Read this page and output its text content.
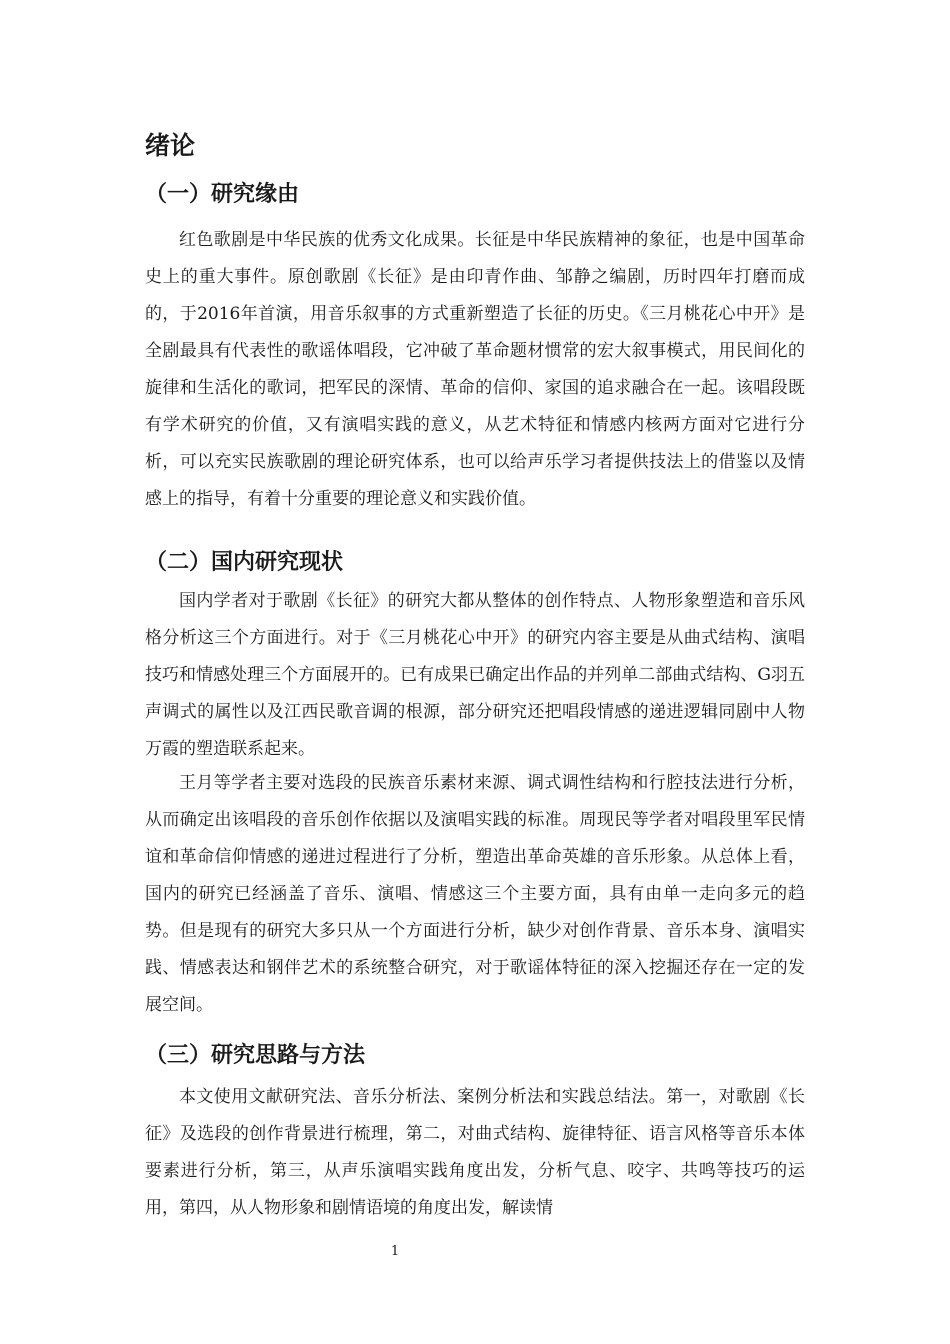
绪论
（一）研究缘由

红色歌剧是中华民族的优秀文化成果。长征是中华民族精神的象征，也是中国革命史上的重大事件。原创歌剧《长征》是由印青作曲、邹静之编剧，历时四年打磨而成的，于2016年首演，用音乐叙事的方式重新塑造了长征的历史。《三月桃花心中开》是全剧最具有代表性的歌谣体唱段，它冲破了革命题材惯常的宏大叙事模式，用民间化的旋律和生活化的歌词，把军民的深情、革命的信仰、家国的追求融合在一起。该唱段既有学术研究的价值，又有演唱实践的意义，从艺术特征和情感内核两方面对它进行分析，可以充实民族歌剧的理论研究体系，也可以给声乐学习者提供技法上的借鉴以及情感上的指导，有着十分重要的理论意义和实践价值。

（二）国内研究现状

国内学者对于歌剧《长征》的研究大都从整体的创作特点、人物形象塑造和音乐风格分析这三个方面进行。对于《三月桃花心中开》的研究内容主要是从曲式结构、演唱技巧和情感处理三个方面展开的。已有成果已确定出作品的并列单二部曲式结构、G羽五声调式的属性以及江西民歌音调的根源，部分研究还把唱段情感的递进逻辑同剧中人物万霞的塑造联系起来。

王月等学者主要对选段的民族音乐素材来源、调式调性结构和行腔技法进行分析，从而确定出该唱段的音乐创作依据以及演唱实践的标准。周现民等学者对唱段里军民情谊和革命信仰情感的递进过程进行了分析，塑造出革命英雄的音乐形象。从总体上看，国内的研究已经涵盖了音乐、演唱、情感这三个主要方面，具有由单一走向多元的趋势。但是现有的研究大多只从一个方面进行分析，缺少对创作背景、音乐本身、演唱实践、情感表达和钢伴艺术的系统整合研究，对于歌谣体特征的深入挖掘还存在一定的发展空间。

（三）研究思路与方法

本文使用文献研究法、音乐分析法、案例分析法和实践总结法。第一，对歌剧《长征》及选段的创作背景进行梳理，第二，对曲式结构、旋律特征、语言风格等音乐本体要素进行分析，第三，从声乐演唱实践角度出发，分析气息、咬字、共鸣等技巧的运用，第四，从人物形象和剧情语境的角度出发，解读情

1
